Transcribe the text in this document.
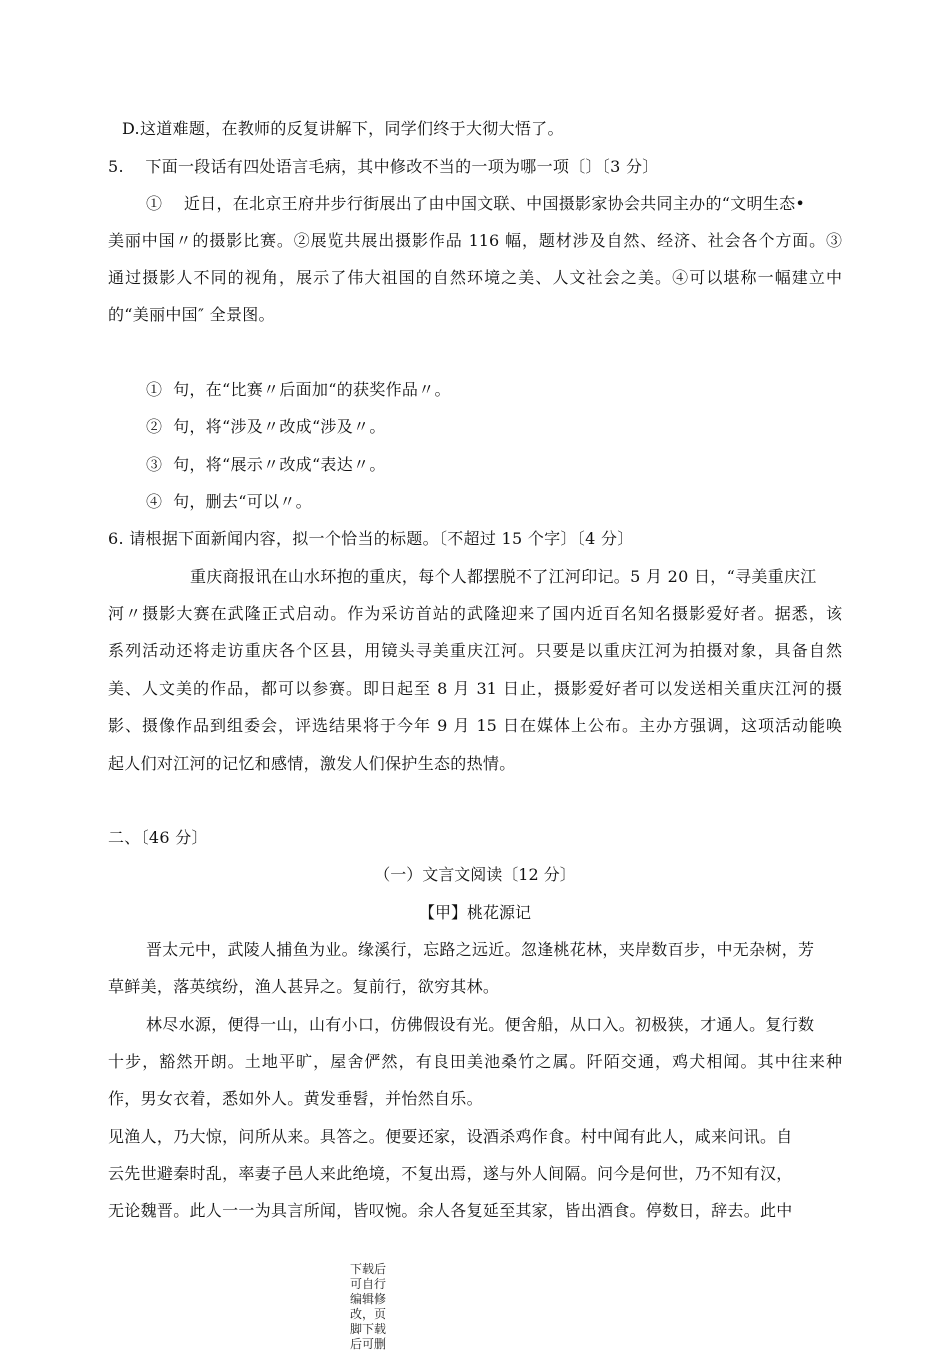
D.这道难题，在教师的反复讲解下，同学们终于大彻大悟了。
5.    下面一段话有四处语言毛病，其中修改不当的一项为哪一项〔〕〔3 分〕
①    近日，在北京王府井步行街展出了由中国文联、中国摄影家协会共同主办的“文明生态•
美丽中国〃的摄影比赛。②展览共展出摄影作品 116 幅，题材涉及自然、经济、社会各个方面。③
通过摄影人不同的视角，展示了伟大祖国的自然环境之美、人文社会之美。④可以堪称一幅建立中
的“美丽中国″ 全景图。
①  句，在“比赛〃后面加“的获奖作品〃。
②  句，将“涉及〃改成“涉及〃。
③  句，将“展示〃改成“表达〃。
④  句，删去“可以〃。
6. 请根据下面新闻内容，拟一个恰当的标题。〔不超过 15 个字〕〔4 分〕
重庆商报讯在山水环抱的重庆，每个人都摆脱不了江河印记。5 月 20 日，“寻美重庆江
河〃摄影大赛在武隆正式启动。作为采访首站的武隆迎来了国内近百名知名摄影爱好者。据悉，该
系列活动还将走访重庆各个区县，用镜头寻美重庆江河。只要是以重庆江河为拍摄对象，具备自然
美、人文美的作品，都可以参赛。即日起至 8 月 31 日止，摄影爱好者可以发送相关重庆江河的摄
影、摄像作品到组委会，评选结果将于今年 9 月 15 日在媒体上公布。主办方强调，这项活动能唤
起人们对江河的记忆和感情，激发人们保护生态的热情。
二、〔46 分〕
（一）文言文阅读〔12 分〕
【甲】桃花源记
晋太元中，武陵人捕鱼为业。缘溪行，忘路之远近。忽逢桃花林，夹岸数百步，中无杂树，芳
草鲜美，落英缤纷，渔人甚异之。复前行，欲穷其林。
林尽水源，便得一山，山有小口，仿佛假设有光。便舍船，从口入。初极狭，才通人。复行数
十步，豁然开朗。土地平旷，屋舍俨然，有良田美池桑竹之属。阡陌交通，鸡犬相闻。其中往来种
作，男女衣着，悉如外人。黄发垂髫，并怡然自乐。
见渔人，乃大惊，问所从来。具答之。便要还家，设酒杀鸡作食。村中闻有此人，咸来问讯。自
云先世避秦时乱，率妻子邑人来此绝境，不复出焉，遂与外人间隔。问今是何世，乃不知有汉，
无论魏晋。此人一一为具言所闻，皆叹惋。余人各复延至其家，皆出酒食。停数日，辞去。此中
下载后可自行编辑修改，页脚下载后可删
